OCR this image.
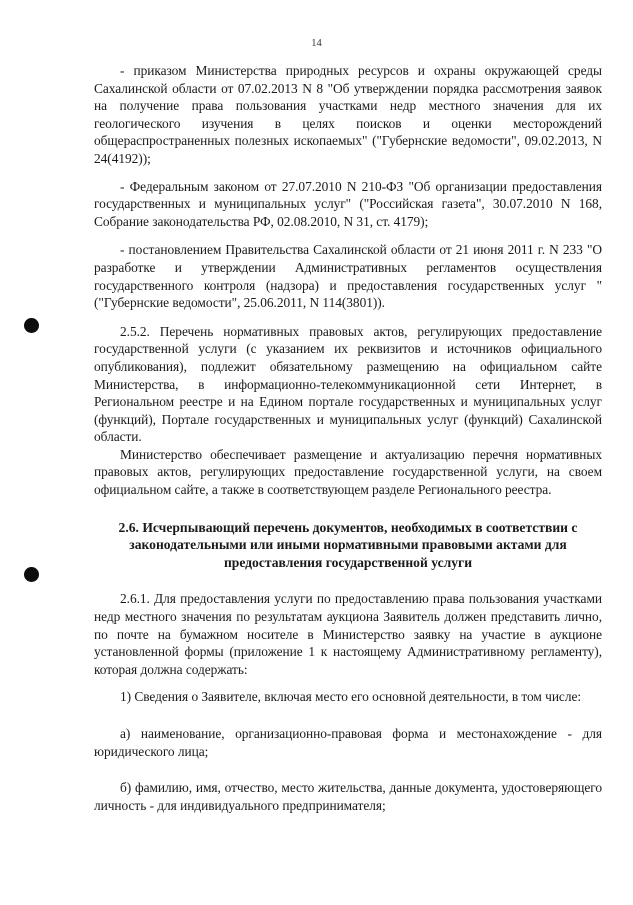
14

- приказом Министерства природных ресурсов и охраны окружающей среды Сахалинской области от 07.02.2013 N 8 "Об утверждении порядка рассмотрения заявок на получение права пользования участками недр местного значения для их геологического изучения в целях поисков и оценки месторождений общераспространенных полезных ископаемых" ("Губернские ведомости", 09.02.2013, N 24(4192));

- Федеральным законом от 27.07.2010 N 210-ФЗ "Об организации предоставления государственных и муниципальных услуг" ("Российская газета", 30.07.2010 N 168, Собрание законодательства РФ, 02.08.2010, N 31, ст. 4179);

- постановлением Правительства Сахалинской области от 21 июня 2011 г. N 233 "О разработке и утверждении Административных регламентов осуществления государственного контроля (надзора) и предоставления государственных услуг " ("Губернские ведомости", 25.06.2011, N 114(3801)).

2.5.2. Перечень нормативных правовых актов, регулирующих предоставление государственной услуги (с указанием их реквизитов и источников официального опубликования), подлежит обязательному размещению на официальном сайте Министерства, в информационно-телекоммуникационной сети Интернет, в Региональном реестре и на Едином портале государственных и муниципальных услуг (функций), Портале государственных и муниципальных услуг (функций) Сахалинской области.

Министерство обеспечивает размещение и актуализацию перечня нормативных правовых актов, регулирующих предоставление государственной услуги, на своем официальном сайте, а также в соответствующем разделе Регионального реестра.

2.6. Исчерпывающий перечень документов, необходимых в соответствии с законодательными или иными нормативными правовыми актами для предоставления государственной услуги

2.6.1. Для предоставления услуги по предоставлению права пользования участками недр местного значения по результатам аукциона Заявитель должен представить лично, по почте на бумажном носителе в Министерство заявку на участие в аукционе установленной формы (приложение 1 к настоящему Административному регламенту), которая должна содержать:

1) Сведения о Заявителе, включая место его основной деятельности, в том числе:

а) наименование, организационно-правовая форма и местонахождение - для юридического лица;

б) фамилию, имя, отчество, место жительства, данные документа, удостоверяющего личность - для индивидуального предпринимателя;
